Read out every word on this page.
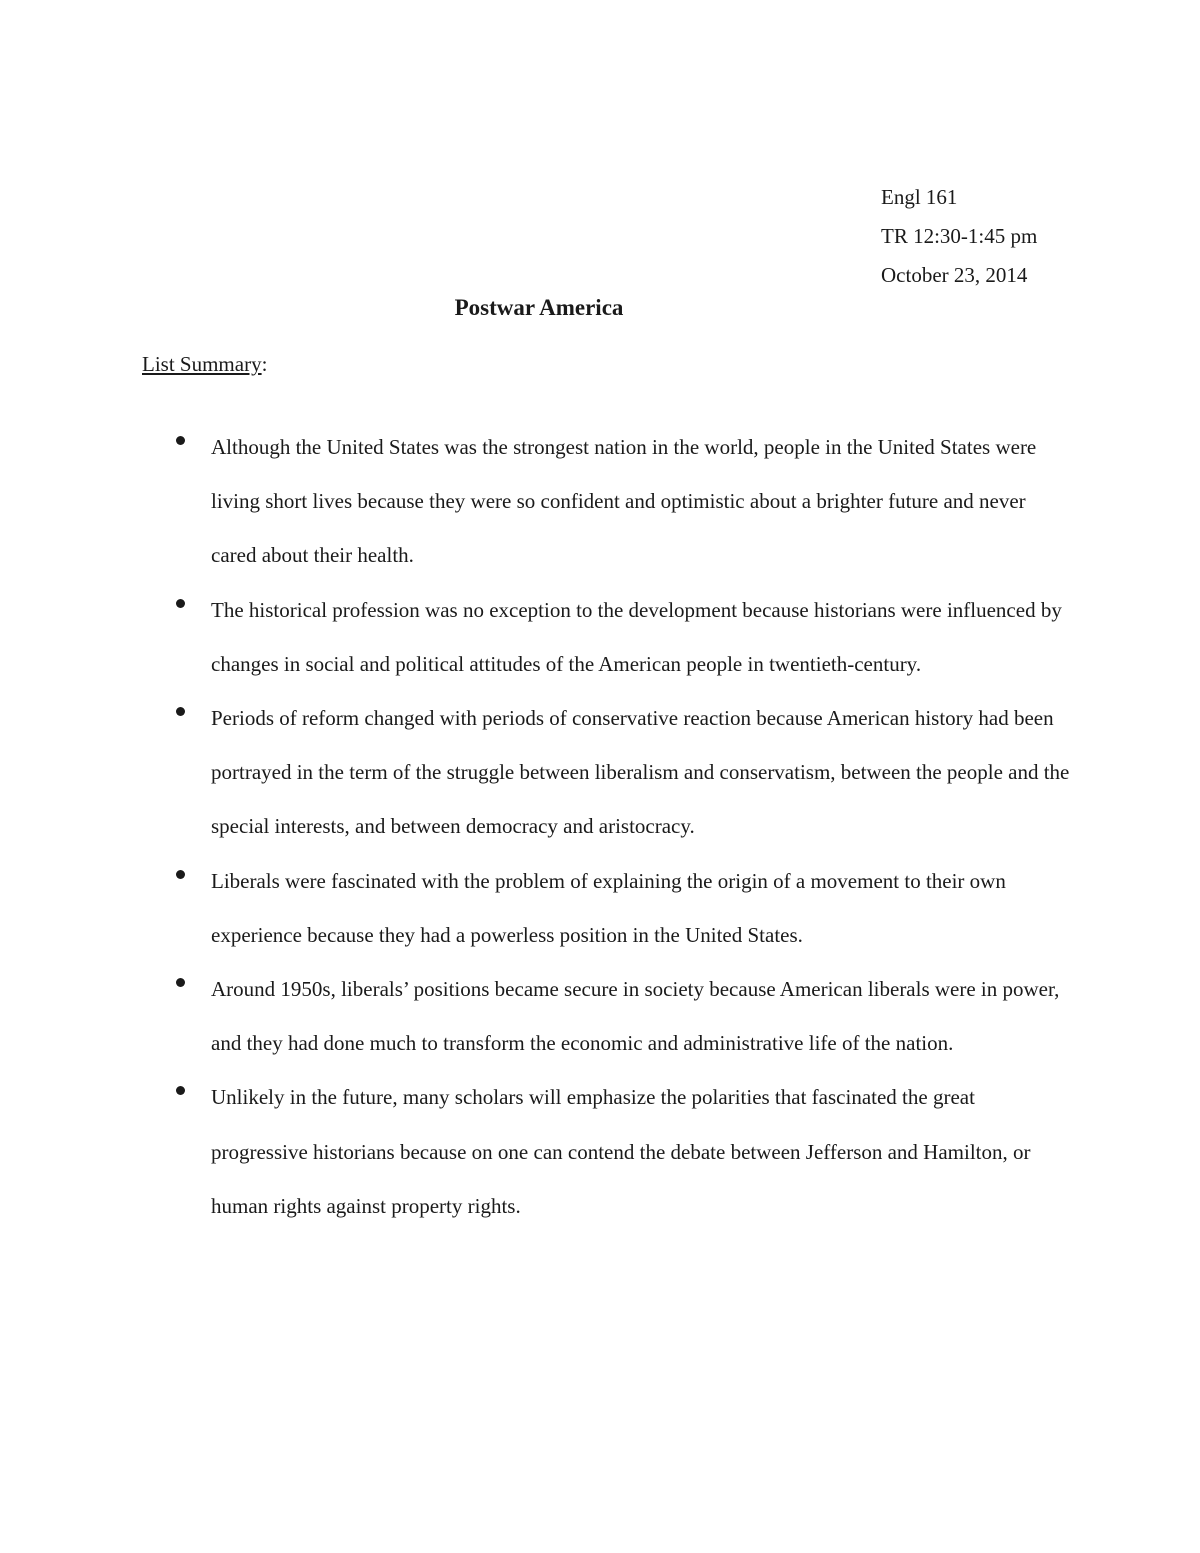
Engl 161
TR 12:30-1:45 pm
October 23, 2014
Postwar America
List Summary:
Although the United States was the strongest nation in the world, people in the United States were living short lives because they were so confident and optimistic about a brighter future and never cared about their health.
The historical profession was no exception to the development because historians were influenced by changes in social and political attitudes of the American people in twentieth-century.
Periods of reform changed with periods of conservative reaction because American history had been portrayed in the term of the struggle between liberalism and conservatism, between the people and the special interests, and between democracy and aristocracy.
Liberals were fascinated with the problem of explaining the origin of a movement to their own experience because they had a powerless position in the United States.
Around 1950s, liberals’ positions became secure in society because American liberals were in power, and they had done much to transform the economic and administrative life of the nation.
Unlikely in the future, many scholars will emphasize the polarities that fascinated the great progressive historians because on one can contend the debate between Jefferson and Hamilton, or human rights against property rights.
